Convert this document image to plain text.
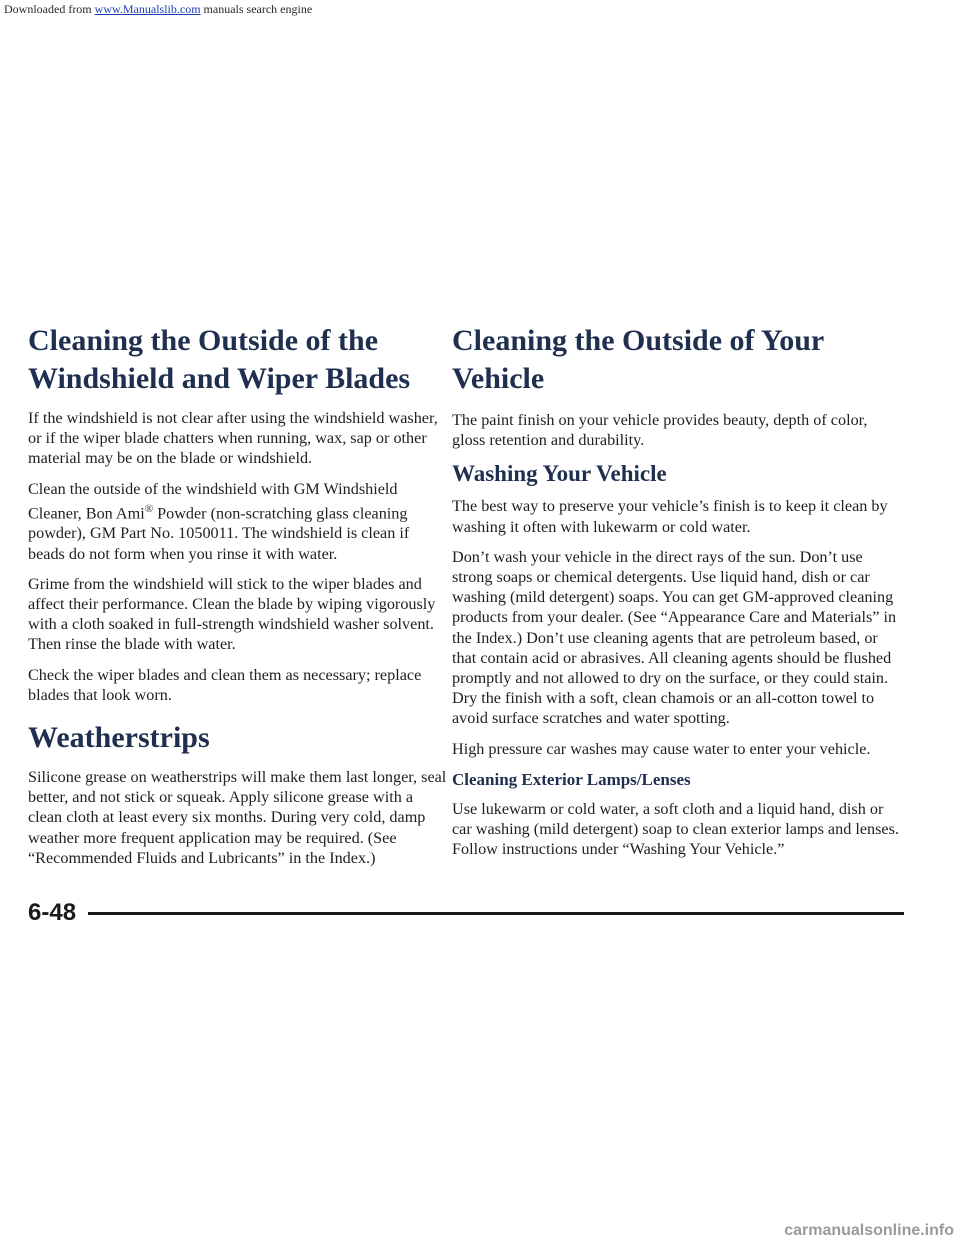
Downloaded from www.Manualslib.com manuals search engine
Cleaning the Outside of the
Windshield and Wiper Blades

If the windshield is not clear after using the windshield washer, or if the wiper blade chatters when running, wax, sap or other material may be on the blade or windshield.

Clean the outside of the windshield with GM Windshield Cleaner, Bon Ami® Powder (non-scratching glass cleaning powder), GM Part No. 1050011. The windshield is clean if beads do not form when you rinse it with water.

Grime from the windshield will stick to the wiper blades and affect their performance. Clean the blade by wiping vigorously with a cloth soaked in full-strength windshield washer solvent. Then rinse the blade with water.

Check the wiper blades and clean them as necessary; replace blades that look worn.

Weatherstrips

Silicone grease on weatherstrips will make them last longer, seal better, and not stick or squeak. Apply silicone grease with a clean cloth at least every six months. During very cold, damp weather more frequent application may be required. (See “Recommended Fluids and Lubricants” in the Index.)

Cleaning the Outside of Your Vehicle

The paint finish on your vehicle provides beauty, depth of color, gloss retention and durability.

Washing Your Vehicle

The best way to preserve your vehicle’s finish is to keep it clean by washing it often with lukewarm or cold water.

Don’t wash your vehicle in the direct rays of the sun. Don’t use strong soaps or chemical detergents. Use liquid hand, dish or car washing (mild detergent) soaps. You can get GM-approved cleaning products from your dealer. (See “Appearance Care and Materials” in the Index.) Don’t use cleaning agents that are petroleum based, or that contain acid or abrasives. All cleaning agents should be flushed promptly and not allowed to dry on the surface, or they could stain. Dry the finish with a soft, clean chamois or an all-cotton towel to avoid surface scratches and water spotting.

High pressure car washes may cause water to enter your vehicle.

Cleaning Exterior Lamps/Lenses

Use lukewarm or cold water, a soft cloth and a liquid hand, dish or car washing (mild detergent) soap to clean exterior lamps and lenses. Follow instructions under “Washing Your Vehicle.”

6-48
carmanualsonline.info
